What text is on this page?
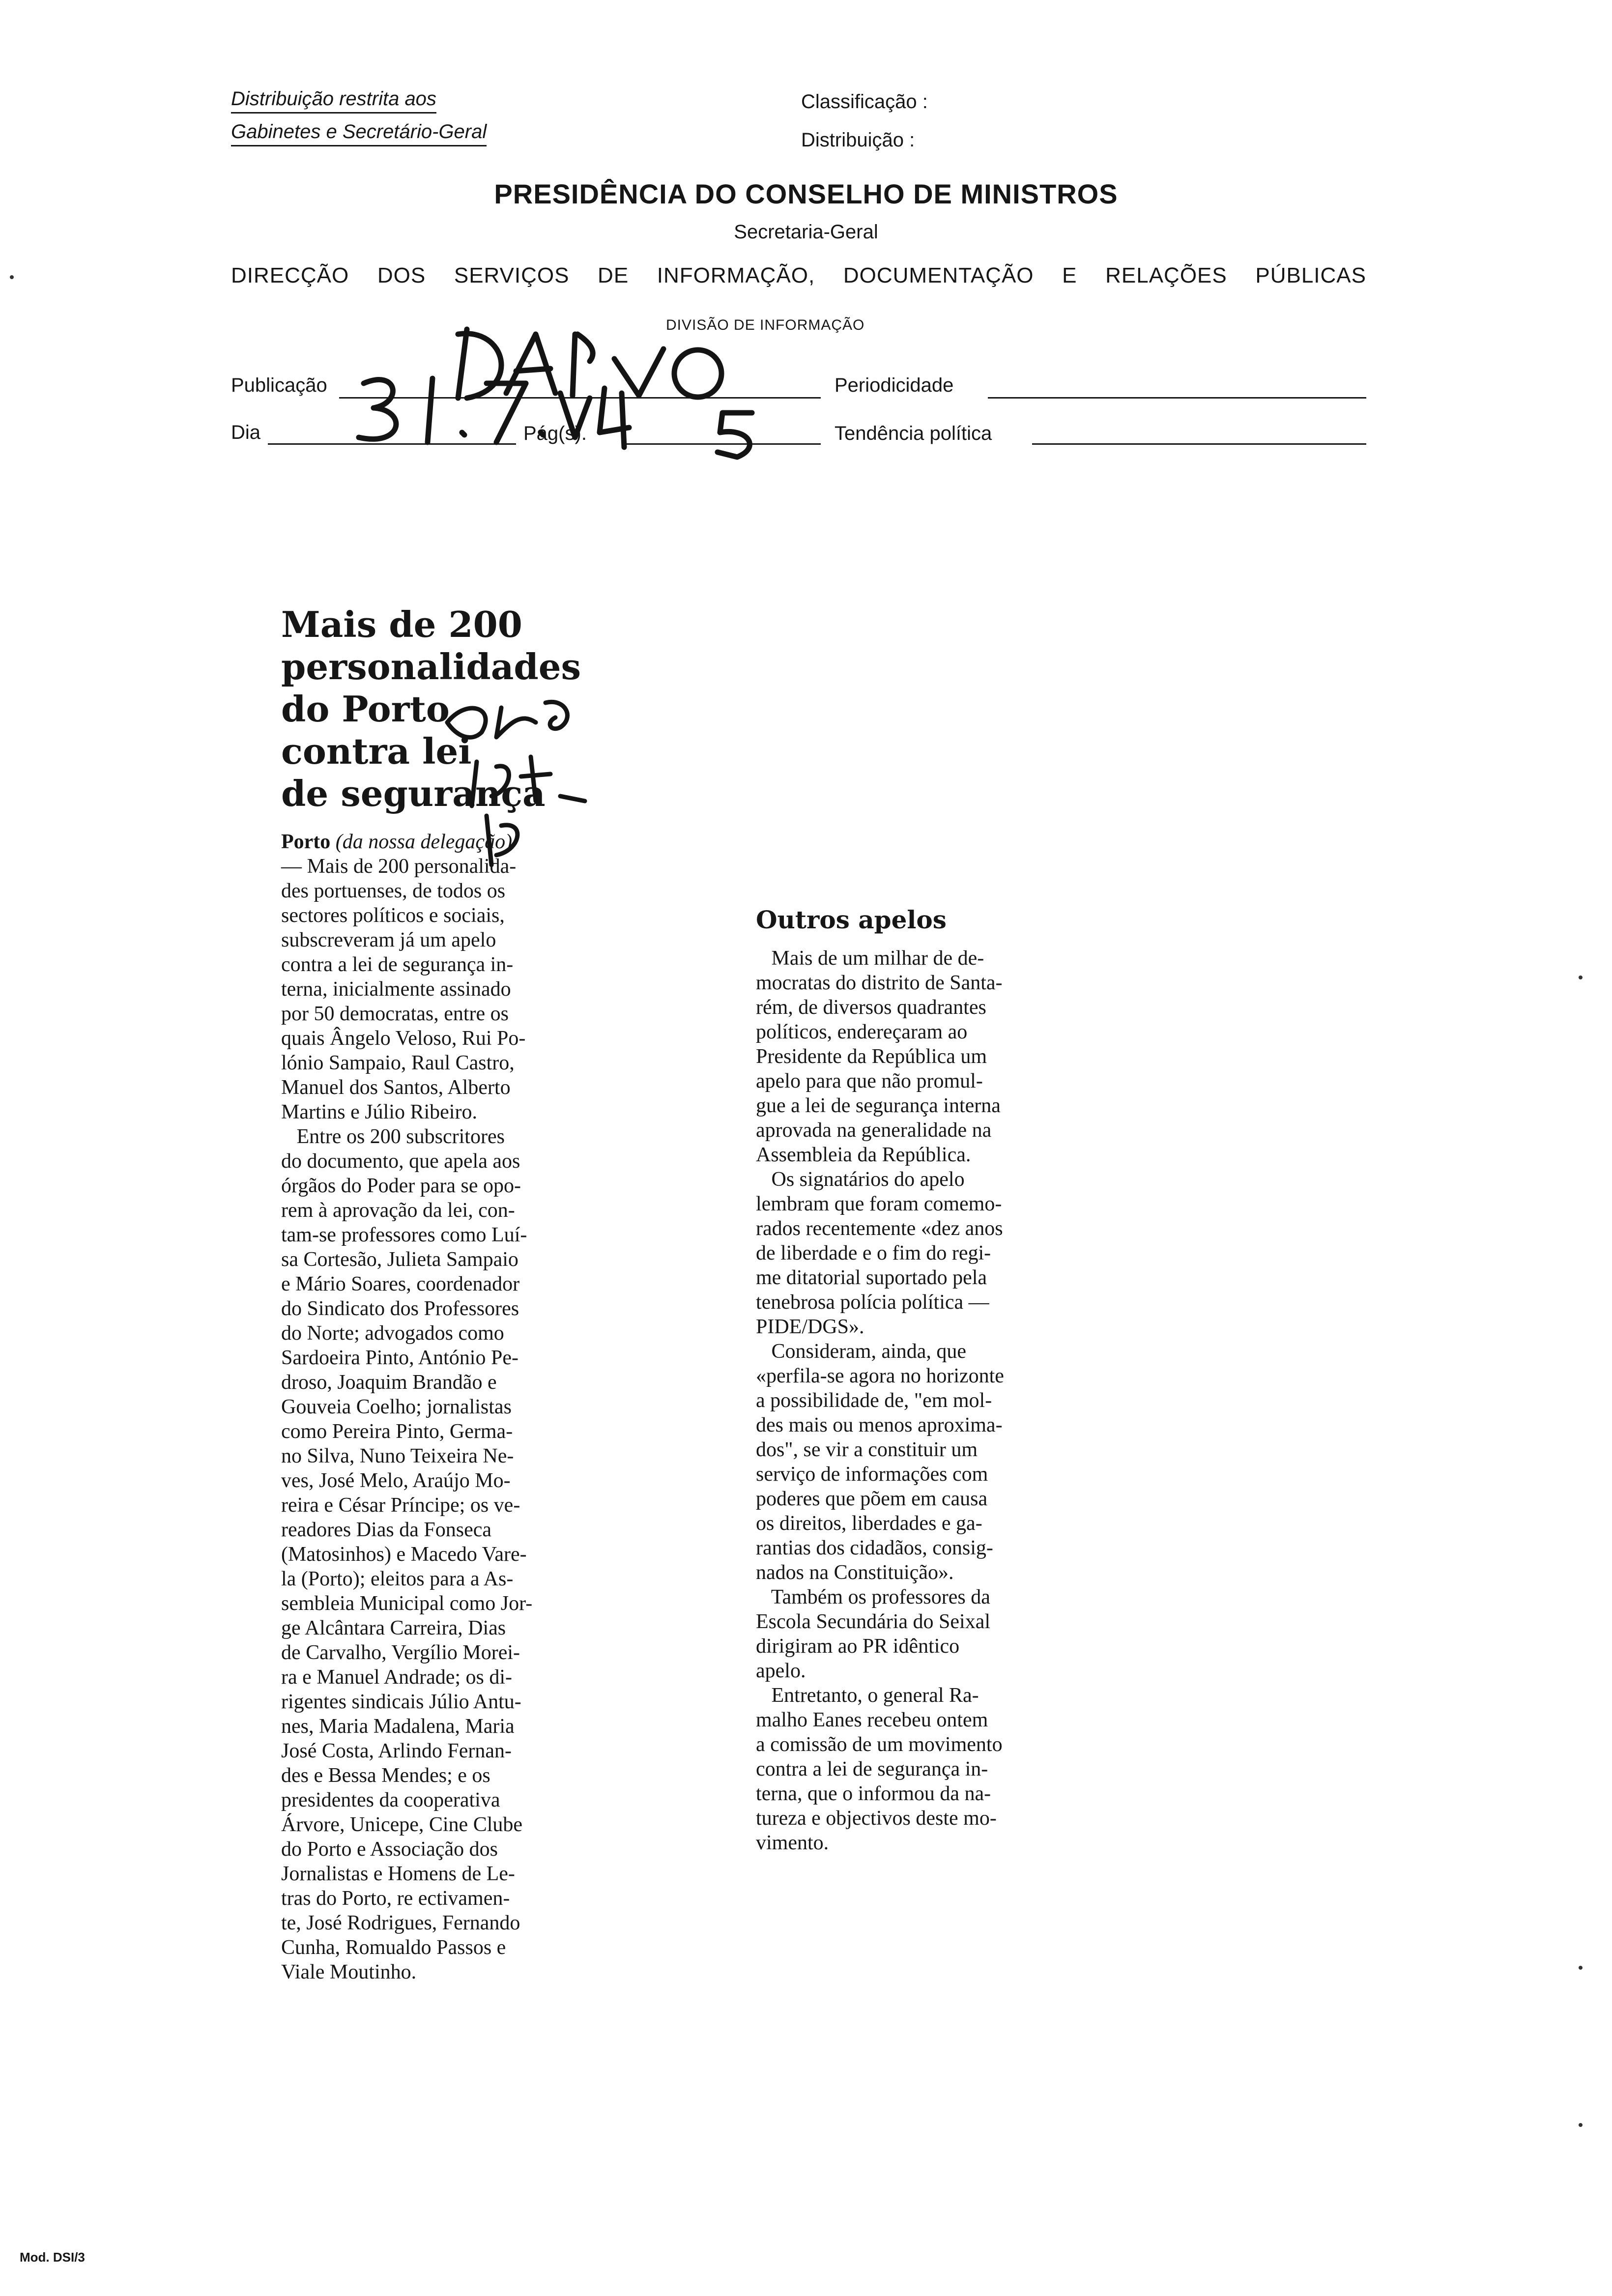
Distribuição restrita aos
Gabinetes e Secretário-Geral
Classificação :
Distribuição :
PRESIDÊNCIA DO CONSELHO DE MINISTROS
Secretaria-Geral
DIRECÇÃO DOS SERVIÇOS DE INFORMAÇÃO, DOCUMENTAÇÃO E RELAÇÕES PÚBLICAS
DIVISÃO DE INFORMAÇÃO
Publicação	Periodicidade
Dia	Pág(s).	Tendência política
Mais de 200
personalidades
do Porto
contra lei
de segurança

Porto (da nossa delegação)

— Mais de 200 personalida-

des portuenses, de todos os

sectores políticos e sociais,

subscreveram já um apelo

contra a lei de segurança in-

terna, inicialmente assinado

por 50 democratas, entre os

quais Ângelo Veloso, Rui Po-

lónio Sampaio, Raul Castro,

Manuel dos Santos, Alberto

Martins e Júlio Ribeiro.

Entre os 200 subscritores

do documento, que apela aos

órgãos do Poder para se opo-

rem à aprovação da lei, con-

tam-se professores como Luí-

sa Cortesão, Julieta Sampaio

e Mário Soares, coordenador

do Sindicato dos Professores

do Norte; advogados como

Sardoeira Pinto, António Pe-

droso, Joaquim Brandão e

Gouveia Coelho; jornalistas

como Pereira Pinto, Germa-

no Silva, Nuno Teixeira Ne-

ves, José Melo, Araújo Mo-

reira e César Príncipe; os ve-

readores Dias da Fonseca

(Matosinhos) e Macedo Vare-

la (Porto); eleitos para a As-

sembleia Municipal como Jor-

ge Alcântara Carreira, Dias

de Carvalho, Vergílio Morei-

ra e Manuel Andrade; os di-

rigentes sindicais Júlio Antu-

nes, Maria Madalena, Maria

José Costa, Arlindo Fernan-

des e Bessa Mendes; e os

presidentes da cooperativa

Árvore, Unicepe, Cine Clube

do Porto e Associação dos

Jornalistas e Homens de Le-

tras do Porto, re ectivamen-

te, José Rodrigues, Fernando

Cunha, Romualdo Passos e

Viale Moutinho.

Outros apelos

Mais de um milhar de de-

mocratas do distrito de Santa-

rém, de diversos quadrantes

políticos, endereçaram ao

Presidente da República um

apelo para que não promul-

gue a lei de segurança interna

aprovada na generalidade na

Assembleia da República.

Os signatários do apelo

lembram que foram comemo-

rados recentemente «dez anos

de liberdade e o fim do regi-

me ditatorial suportado pela

tenebrosa polícia política —

PIDE/DGS».

Consideram, ainda, que

«perfila-se agora no horizonte

a possibilidade de, "em mol-

des mais ou menos aproxima-

dos", se vir a constituir um

serviço de informações com

poderes que põem em causa

os direitos, liberdades e ga-

rantias dos cidadãos, consig-

nados na Constituição».

Também os professores da

Escola Secundária do Seixal

dirigiram ao PR idêntico

apelo.

Entretanto, o general Ra-

malho Eanes recebeu ontem

a comissão de um movimento

contra a lei de segurança in-

terna, que o informou da na-

tureza e objectivos deste mo-

vimento.

Mod. DSI/3
